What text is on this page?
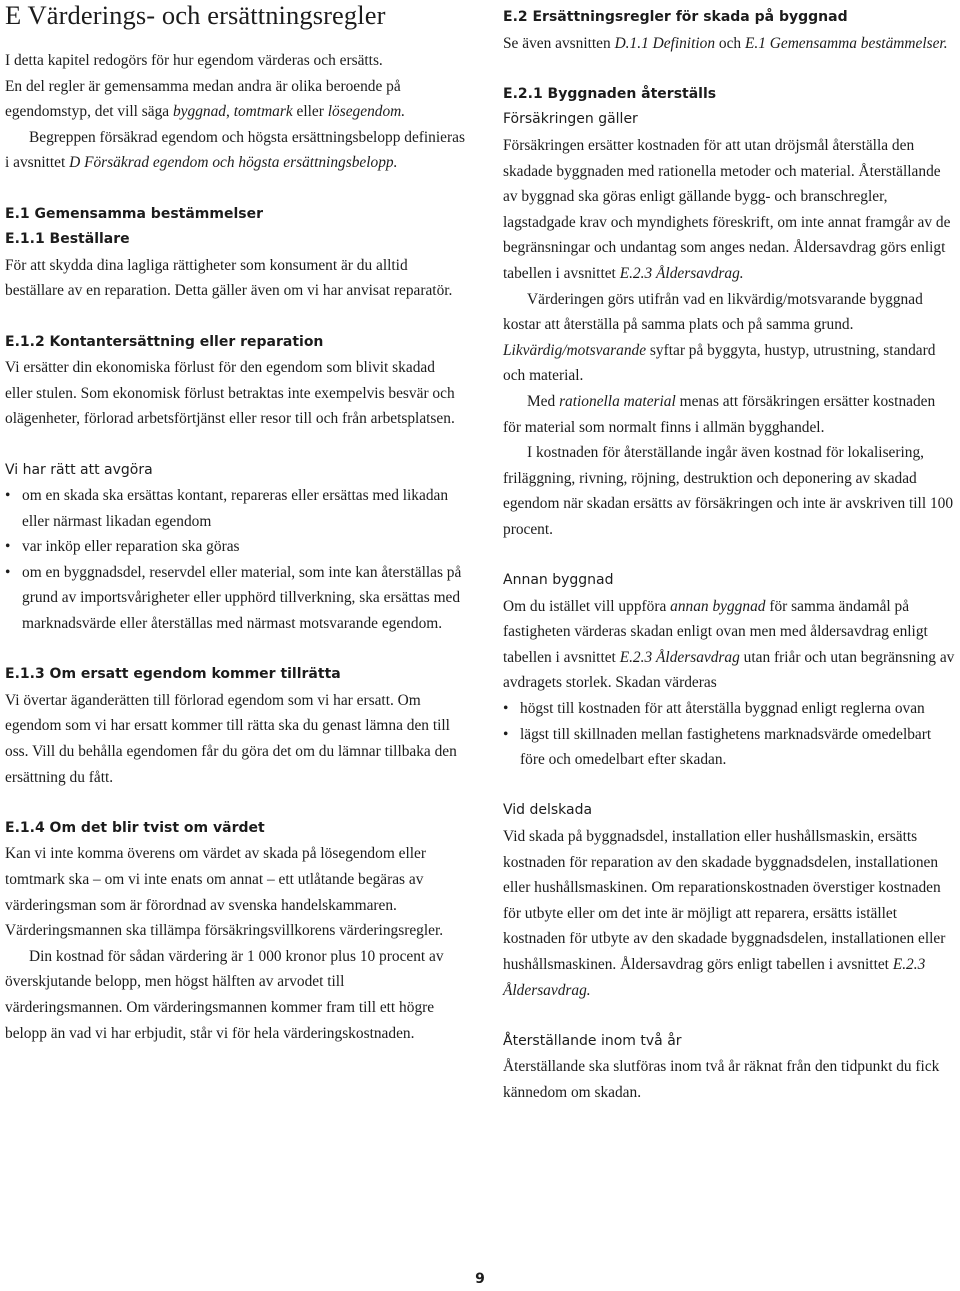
E Värderings- och ersättningsregler

I detta kapitel redogörs för hur egendom värderas och ersätts.

En del regler är gemensamma medan andra är olika beroende på egendomstyp, det vill säga byggnad, tomtmark eller lösegendom.

Begreppen försäkrad egendom och högsta ersättningsbelopp definieras i avsnittet D Försäkrad egendom och högsta ersättningsbelopp.

E.1 Gemensamma bestämmelser
E.1.1 Beställare

För att skydda dina lagliga rättigheter som konsument är du alltid beställare av en reparation. Detta gäller även om vi har anvisat reparatör.

E.1.2 Kontantersättning eller reparation

Vi ersätter din ekonomiska förlust för den egendom som blivit skadad eller stulen. Som ekonomisk förlust betraktas inte exempelvis besvär och olägenheter, förlorad arbetsförtjänst eller resor till och från arbetsplatsen.

Vi har rätt att avgöra
• om en skada ska ersättas kontant, repareras eller ersättas med likadan eller närmast likadan egendom
• var inköp eller reparation ska göras
• om en byggnadsdel, reservdel eller material, som inte kan återställas på grund av importsvårigheter eller upphörd tillverkning, ska ersättas med marknadsvärde eller återställas med närmast motsvarande egendom.
E.1.3 Om ersatt egendom kommer tillrätta

Vi övertar äganderätten till förlorad egendom som vi har ersatt. Om egendom som vi har ersatt kommer till rätta ska du genast lämna den till oss. Vill du behålla egendomen får du göra det om du lämnar tillbaka den ersättning du fått.

E.1.4 Om det blir tvist om värdet

Kan vi inte komma överens om värdet av skada på lösegendom eller tomtmark ska – om vi inte enats om annat – ett utlåtande begäras av värderingsman som är förordnad av svenska handelskammaren. Värderingsmannen ska tillämpa försäkringsvillkorens värderingsregler.

Din kostnad för sådan värdering är 1 000 kronor plus 10 procent av överskjutande belopp, men högst hälften av arvodet till värderingsmannen. Om värderingsmannen kommer fram till ett högre belopp än vad vi har erbjudit, står vi för hela värderingskostnaden.

E.2 Ersättningsregler för skada på byggnad

Se även avsnitten D.1.1 Definition och E.1 Gemensamma bestämmelser.

E.2.1 Byggnaden återställs
Försäkringen gäller

Försäkringen ersätter kostnaden för att utan dröjsmål återställa den skadade byggnaden med rationella metoder och material. Återställande av byggnad ska göras enligt gällande bygg- och branschregler, lagstadgade krav och myndighets föreskrift, om inte annat framgår av de begränsningar och undantag som anges nedan. Åldersavdrag görs enligt tabellen i avsnittet E.2.3 Åldersavdrag.

Värderingen görs utifrån vad en likvärdig/motsvarande byggnad kostar att återställa på samma plats och på samma grund. Likvärdig/motsvarande syftar på byggyta, hustyp, utrustning, standard och material.

Med rationella material menas att försäkringen ersätter kostnaden för material som normalt finns i allmän bygghandel.

I kostnaden för återställande ingår även kostnad för lokalisering, friläggning, rivning, röjning, destruktion och deponering av skadad egendom när skadan ersätts av försäkringen och inte är avskriven till 100 procent.

Annan byggnad

Om du istället vill uppföra annan byggnad för samma ändamål på fastigheten värderas skadan enligt ovan men med åldersavdrag enligt tabellen i avsnittet E.2.3 Åldersavdrag utan friår och utan begränsning av avdragets storlek. Skadan värderas

• högst till kostnaden för att återställa byggnad enligt reglerna ovan
• lägst till skillnaden mellan fastighetens marknadsvärde omedelbart före och omedelbart efter skadan.
Vid delskada

Vid skada på byggnadsdel, installation eller hushållsmaskin, ersätts kostnaden för reparation av den skadade byggnadsdelen, installationen eller hushållsmaskinen. Om reparationskostnaden överstiger kostnaden för utbyte eller om det inte är möjligt att reparera, ersätts istället kostnaden för utbyte av den skadade byggnadsdelen, installationen eller hushållsmaskinen. Åldersavdrag görs enligt tabellen i avsnittet E.2.3 Åldersavdrag.

Återställande inom två år

Återställande ska slutföras inom två år räknat från den tidpunkt du fick kännedom om skadan.

9
